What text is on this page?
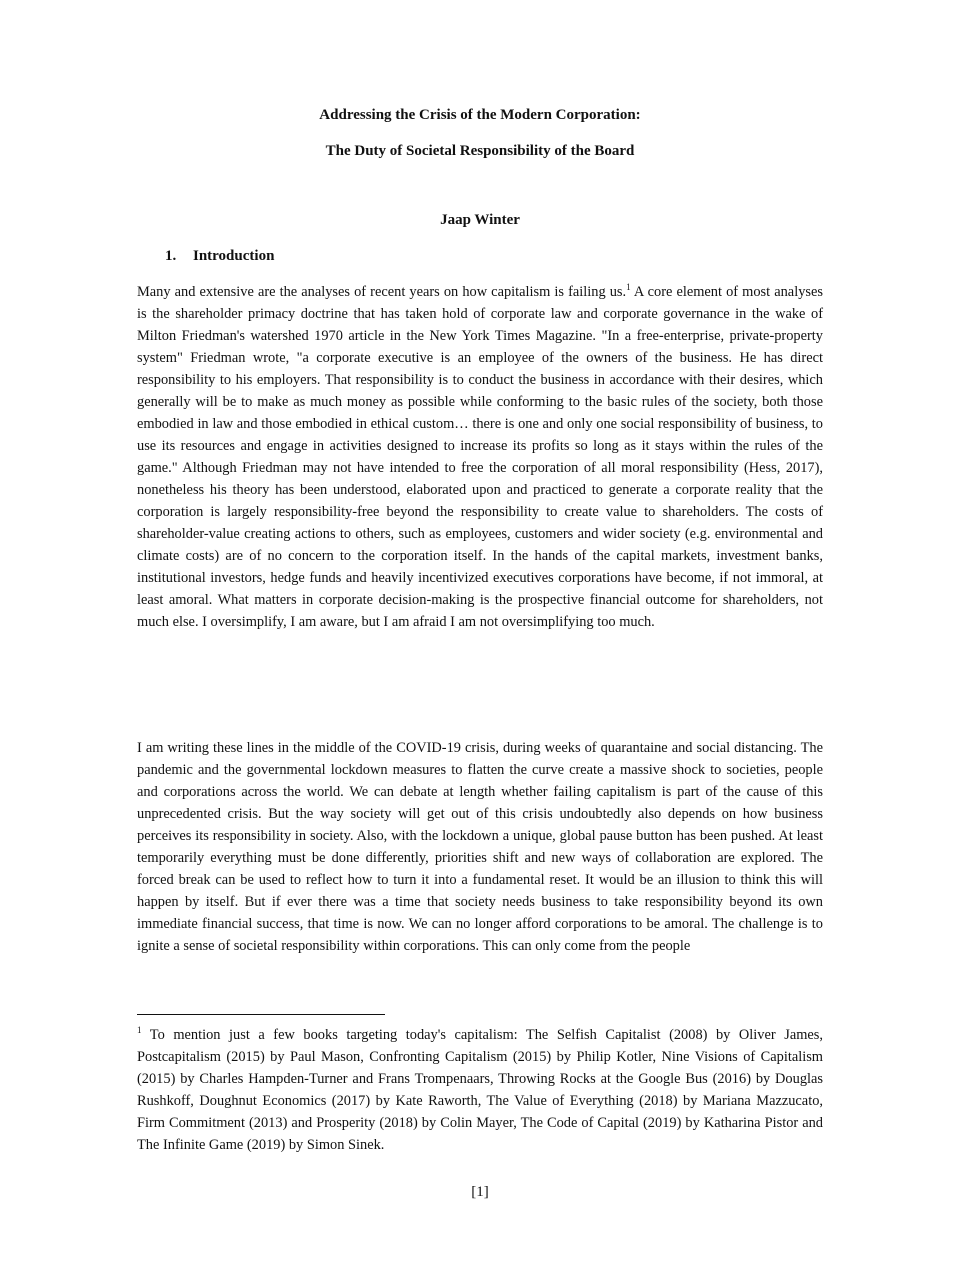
Addressing the Crisis of the Modern Corporation:
The Duty of Societal Responsibility of the Board
Jaap Winter
1. Introduction

Many and extensive are the analyses of recent years on how capitalism is failing us.$^1$ A core element of most analyses is the shareholder primacy doctrine that has taken hold of corporate law and corporate governance in the wake of Milton Friedman's watershed 1970 article in the New York Times Magazine. "In a free-enterprise, private-property system" Friedman wrote, "a corporate executive is an employee of the owners of the business. He has direct responsibility to his employers. That responsibility is to conduct the business in accordance with their desires, which generally will be to make as much money as possible while conforming to the basic rules of the society, both those embodied in law and those embodied in ethical custom… there is one and only one social responsibility of business, to use its resources and engage in activities designed to increase its profits so long as it stays within the rules of the game." Although Friedman may not have intended to free the corporation of all moral responsibility (Hess, 2017), nonetheless his theory has been understood, elaborated upon and practiced to generate a corporate reality that the corporation is largely responsibility-free beyond the responsibility to create value to shareholders. The costs of shareholder-value creating actions to others, such as employees, customers and wider society (e.g. environmental and climate costs) are of no concern to the corporation itself. In the hands of the capital markets, investment banks, institutional investors, hedge funds and heavily incentivized executives corporations have become, if not immoral, at least amoral. What matters in corporate decision-making is the prospective financial outcome for shareholders, not much else. I oversimplify, I am aware, but I am afraid I am not oversimplifying too much.

I am writing these lines in the middle of the COVID-19 crisis, during weeks of quarantaine and social distancing. The pandemic and the governmental lockdown measures to flatten the curve create a massive shock to societies, people and corporations across the world. We can debate at length whether failing capitalism is part of the cause of this unprecedented crisis. But the way society will get out of this crisis undoubtedly also depends on how business perceives its responsibility in society. Also, with the lockdown a unique, global pause button has been pushed. At least temporarily everything must be done differently, priorities shift and new ways of collaboration are explored. The forced break can be used to reflect how to turn it into a fundamental reset. It would be an illusion to think this will happen by itself. But if ever there was a time that society needs business to take responsibility beyond its own immediate financial success, that time is now. We can no longer afford corporations to be amoral. The challenge is to ignite a sense of societal responsibility within corporations. This can only come from the people

$^1$ To mention just a few books targeting today's capitalism: The Selfish Capitalist (2008) by Oliver James, Postcapitalism (2015) by Paul Mason, Confronting Capitalism (2015) by Philip Kotler, Nine Visions of Capitalism (2015) by Charles Hampden-Turner and Frans Trompenaars, Throwing Rocks at the Google Bus (2016) by Douglas Rushkoff, Doughnut Economics (2017) by Kate Raworth, The Value of Everything (2018) by Mariana Mazzucato, Firm Commitment (2013) and Prosperity (2018) by Colin Mayer, The Code of Capital (2019) by Katharina Pistor and The Infinite Game (2019) by Simon Sinek.

[1]
